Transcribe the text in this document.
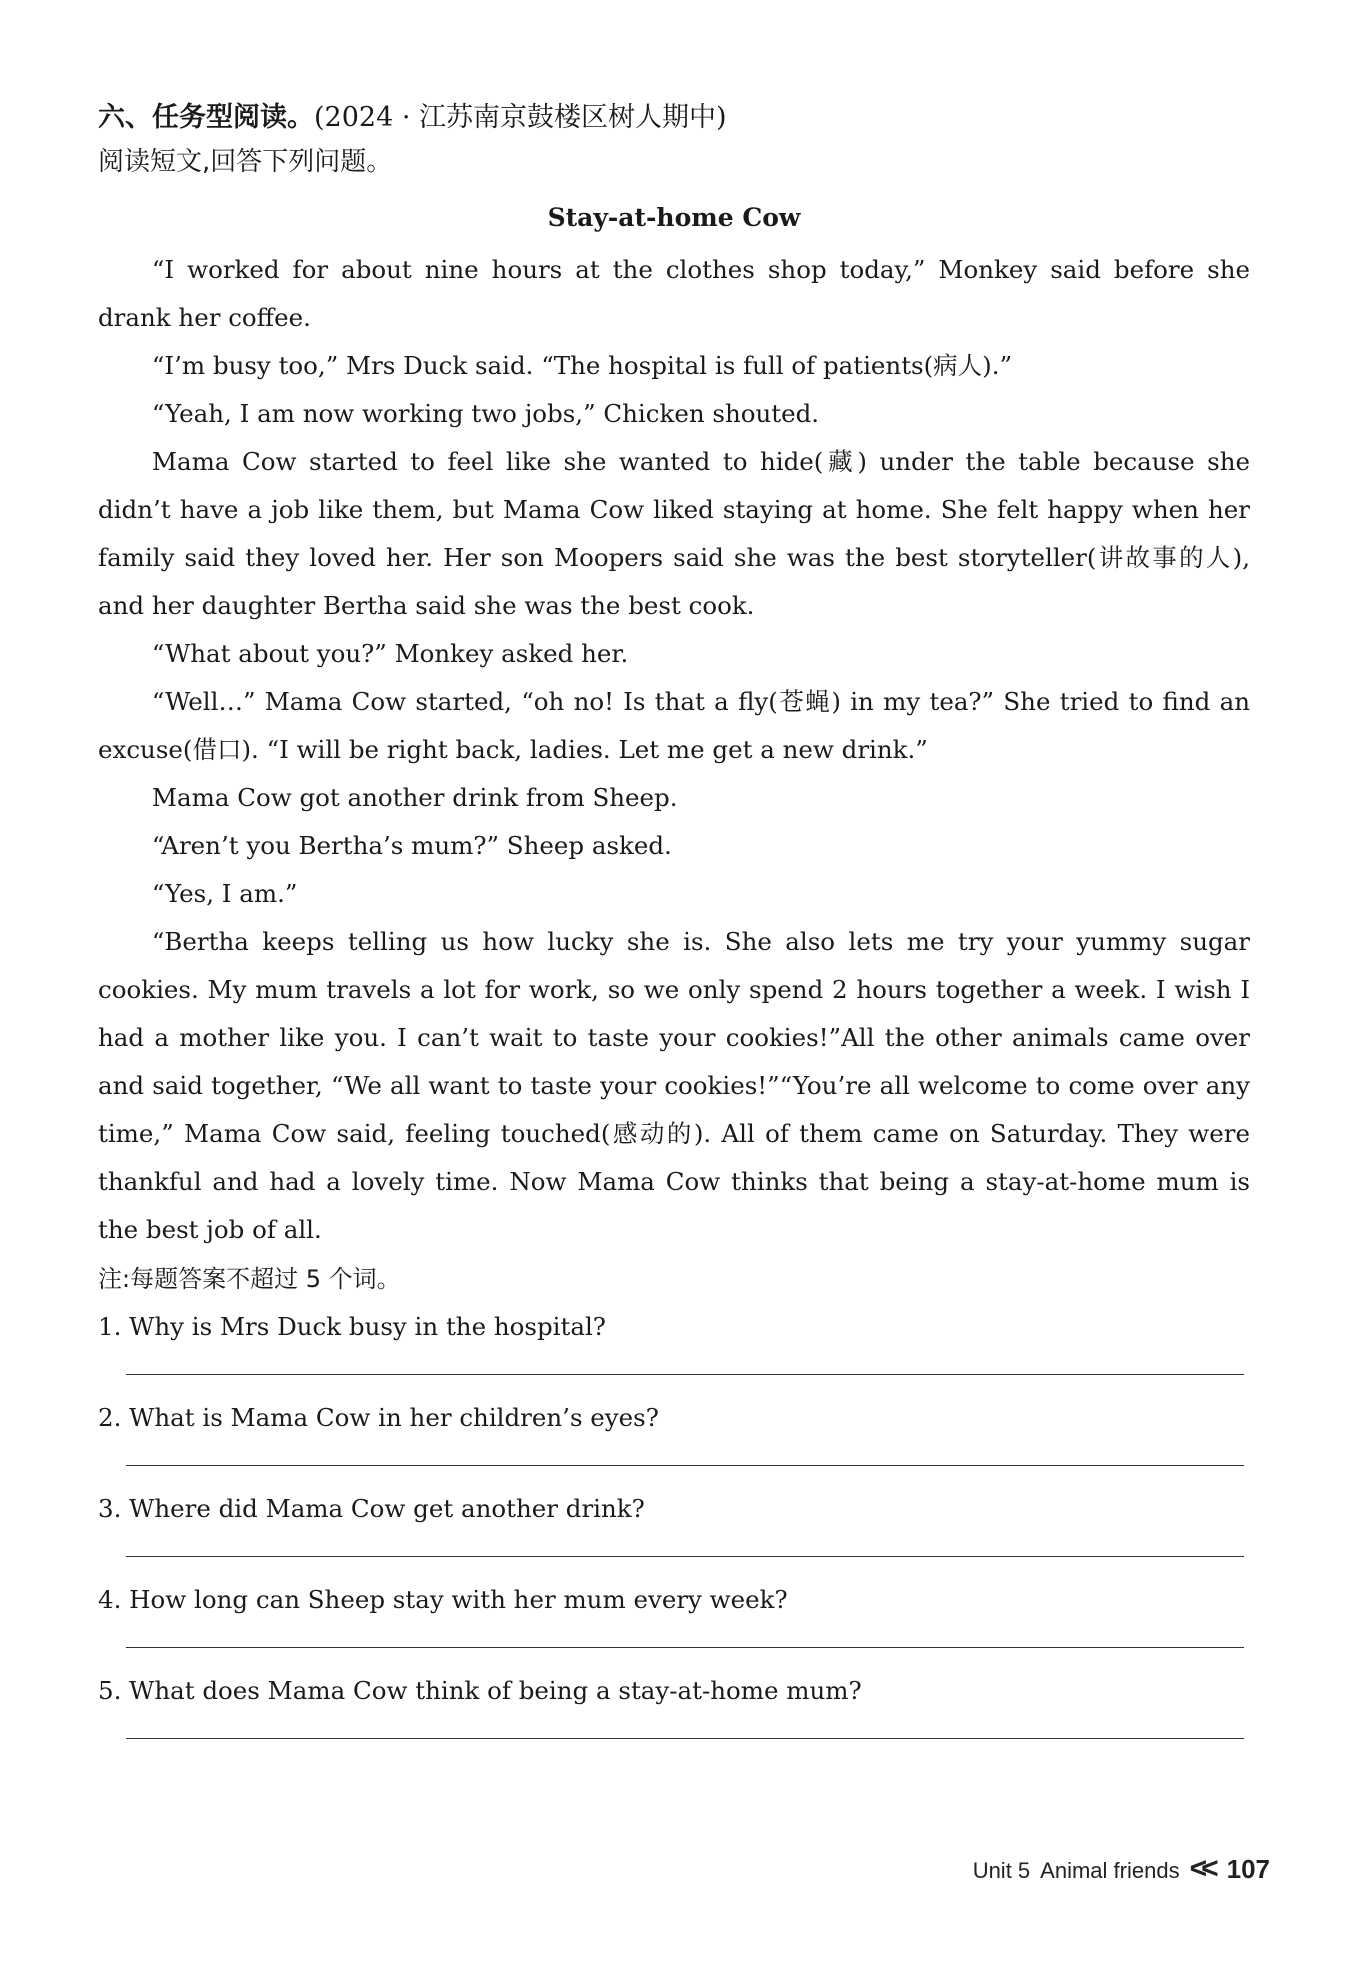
六、任务型阅读。(2024 · 江苏南京鼓楼区树人期中)
阅读短文,回答下列问题。
Stay-at-home Cow

“I worked for about nine hours at the clothes shop today,” Monkey said before she drank her coffee.

“I’m busy too,” Mrs Duck said. “The hospital is full of patients(病人).”

“Yeah, I am now working two jobs,” Chicken shouted.

Mama Cow started to feel like she wanted to hide(藏) under the table because she didn’t have a job like them, but Mama Cow liked staying at home. She felt happy when her family said they loved her. Her son Moopers said she was the best storyteller(讲故事的人), and her daughter Bertha said she was the best cook.

“What about you?” Monkey asked her.

“Well…” Mama Cow started, “oh no! Is that a fly(苍蝇) in my tea?” She tried to find an excuse(借口). “I will be right back, ladies. Let me get a new drink.”

Mama Cow got another drink from Sheep.

“Aren’t you Bertha’s mum?” Sheep asked.

“Yes, I am.”

“Bertha keeps telling us how lucky she is. She also lets me try your yummy sugar cookies. My mum travels a lot for work, so we only spend 2 hours together a week. I wish I had a mother like you. I can’t wait to taste your cookies!”All the other animals came over and said together, “We all want to taste your cookies!”“You’re all welcome to come over any time,” Mama Cow said, feeling touched(感动的). All of them came on Saturday. They were thankful and had a lovely time. Now Mama Cow thinks that being a stay-at-home mum is the best job of all.

注:每题答案不超过 5 个词。
1. Why is Mrs Duck busy in the hospital?
2. What is Mama Cow in her children’s eyes?
3. Where did Mama Cow get another drink?
4. How long can Sheep stay with her mum every week?
5. What does Mama Cow think of being a stay-at-home mum?
Unit 5 Animal friends << 107
